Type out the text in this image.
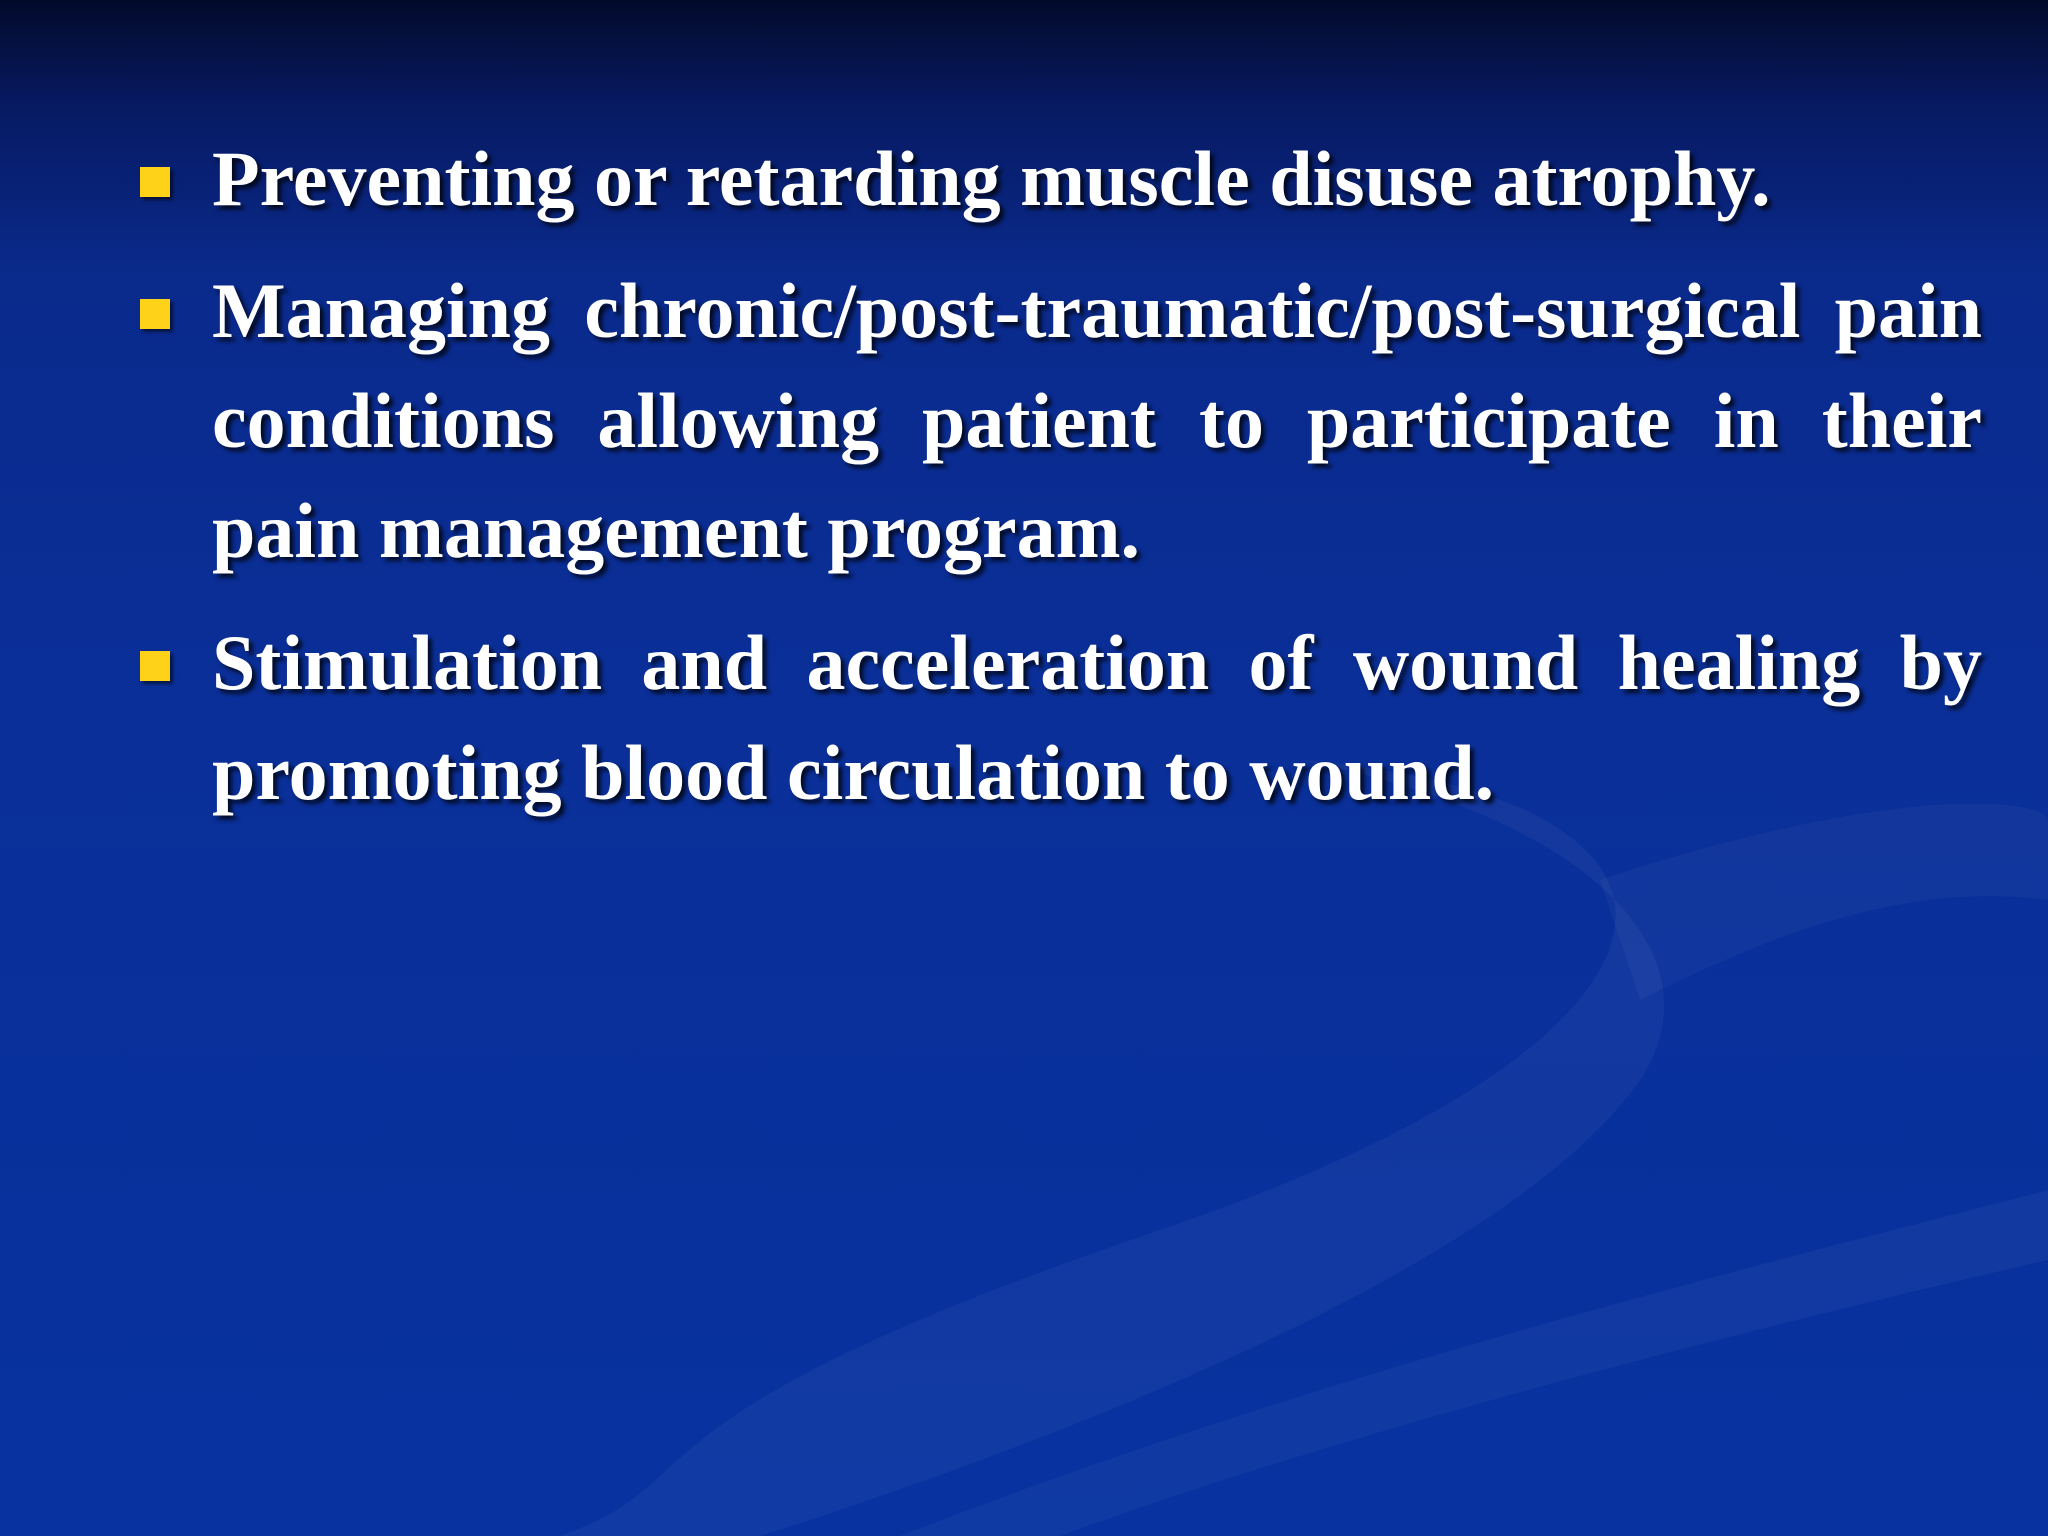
Preventing or retarding muscle disuse atrophy.
Managing chronic/post-traumatic/post-surgical pain conditions allowing patient to participate in their pain management program.
Stimulation and acceleration of wound healing by promoting blood circulation to wound.
